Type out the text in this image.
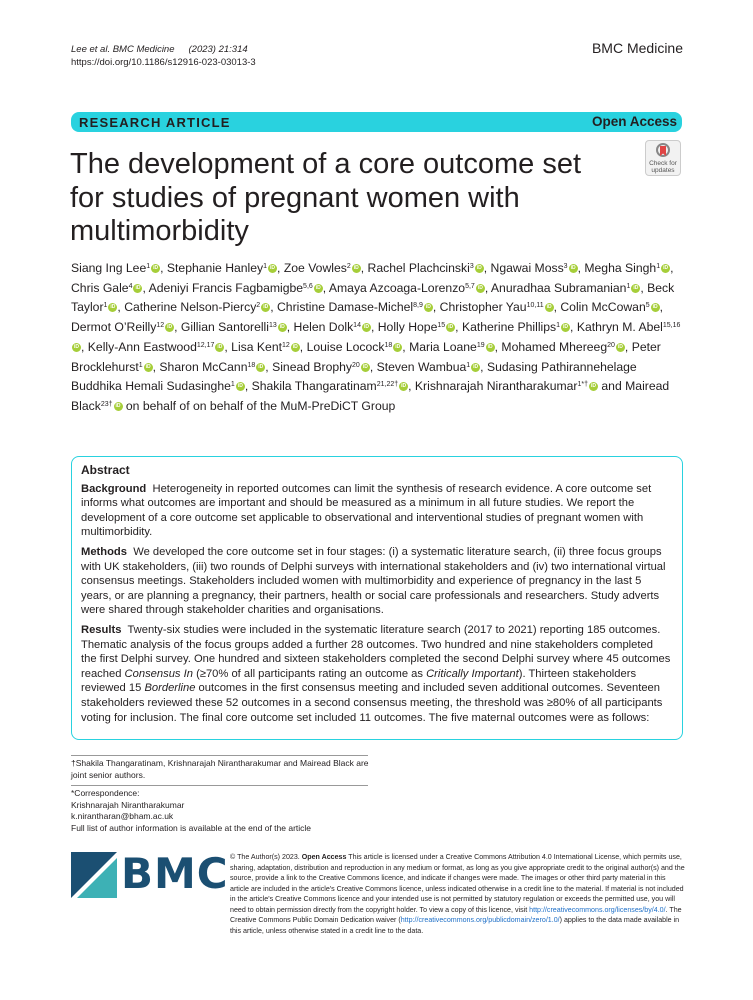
Lee et al. BMC Medicine (2023) 21:314
https://doi.org/10.1186/s12916-023-03013-3
BMC Medicine
RESEARCH ARTICLE	Open Access
The development of a core outcome set for studies of pregnant women with multimorbidity
Check for
updates
Siang Ing Lee$^1$ iD , Stephanie Hanley$^1$ iD , Zoe Vowles$^2$ iD , Rachel Plachcinski$^3$ iD , Ngawai Moss$^3$ iD , Megha Singh$^1$ iD , Chris Gale$^4$ iD , Adeniyi Francis Fagbamigbe$^{5,6}$ iD , Amaya Azcoaga-Lorenzo$^{5,7}$ iD , Anuradhaa Subramanian$^1$ iD , Beck Taylor$^1$ iD , Catherine Nelson-Piercy$^2$ iD , Christine Damase-Michel$^{8,9}$ iD , Christopher Yau$^{10,11}$ iD , Colin McCowan$^5$ iD , Dermot O’Reilly$^{12}$ iD , Gillian Santorelli$^{13}$ iD , Helen Dolk$^{14}$ iD , Holly Hope$^{15}$ iD , Katherine Phillips$^1$ iD , Kathryn M. Abel$^{15,16}$iD, Kelly-Ann Eastwood$^{12,17}$ iD , Lisa Kent$^{12}$ iD , Louise Locock$^{18}$ iD , Maria Loane$^{19}$ iD , Mohamed Mhereeg$^{20}$ iD , Peter Brocklehurst$^1$iD , Sharon McCann$^{18}$ iD , Sinead Brophy$^{20}$ iD , Steven Wambua$^1$ iD , Sudasing Pathirannehelage Buddhika Hemali Sudasinghe$^1$ iD , Shakila Thangaratinam$^{21,22\dagger}$ iD , Krishnarajah Nirantharakumar$^{1*\dagger}$ iD and Mairead Black$^{23\dagger}$ iD on behalf of on behalf of the MuM-PreDiCT Group
Abstract

Background Heterogeneity in reported outcomes can limit the synthesis of research evidence. A core outcome set informs what outcomes are important and should be measured as a minimum in all future studies. We report the development of a core outcome set applicable to observational and interventional studies of pregnant women with multimorbidity.

Methods We developed the core outcome set in four stages: (i) a systematic literature search, (ii) three focus groups with UK stakeholders, (iii) two rounds of Delphi surveys with international stakeholders and (iv) two international virtual consensus meetings. Stakeholders included women with multimorbidity and experience of pregnancy in the last 5 years, or are planning a pregnancy, their partners, health or social care professionals and researchers. Study adverts were shared through stakeholder charities and organisations.

Results Twenty-six studies were included in the systematic literature search (2017 to 2021) reporting 185 outcomes. Thematic analysis of the focus groups added a further 28 outcomes. Two hundred and nine stakeholders completed the first Delphi survey. One hundred and sixteen stakeholders completed the second Delphi survey where 45 outcomes reached Consensus In (≥70% of all participants rating an outcome as Critically Important). Thirteen stakeholders reviewed 15 Borderline outcomes in the first consensus meeting and included seven additional outcomes. Seventeen stakeholders reviewed these 52 outcomes in a second consensus meeting, the threshold was ≥80% of all participants voting for inclusion. The final core outcome set included 11 outcomes. The five maternal outcomes were as follows:

†Shakila Thangaratinam, Krishnarajah Nirantharakumar and Mairead Black are joint senior authors.
*Correspondence:
Krishnarajah Nirantharakumar
k.nirantharan@bham.ac.uk
Full list of author information is available at the end of the article
BMC © The Author(s) 2023. Open Access This article is licensed under a Creative Commons Attribution 4.0 International License, which permits use, sharing, adaptation, distribution and reproduction in any medium or format, as long as you give appropriate credit to the original author(s) and the source, provide a link to the Creative Commons licence, and indicate if changes were made. The images or other third party material in this article are included in the article's Creative Commons licence, unless indicated otherwise in a credit line to the material. If material is not included in the article's Creative Commons licence and your intended use is not permitted by statutory regulation or exceeds the permitted use, you will need to obtain permission directly from the copyright holder. To view a copy of this licence, visit http://creativecommons.org/licenses/by/4.0/. The Creative Commons Public Domain Dedication waiver (http://creativecommons.org/publicdomain/zero/1.0/) applies to the data made available in this article, unless otherwise stated in a credit line to the data.
